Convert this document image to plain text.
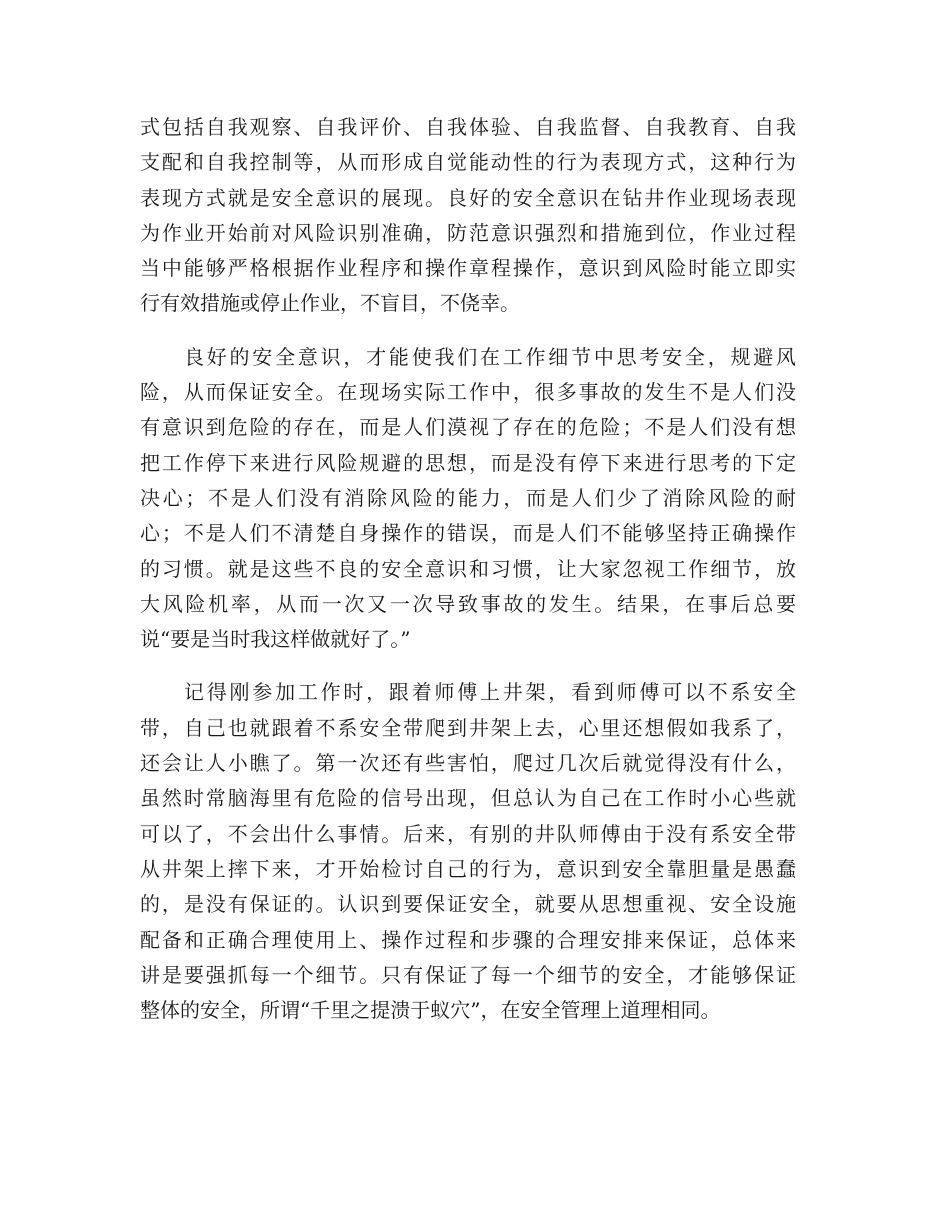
式包括自我观察、自我评价、自我体验、自我监督、自我教育、自我
支配和自我控制等，从而形成自觉能动性的行为表现方式，这种行为
表现方式就是安全意识的展现。良好的安全意识在钻井作业现场表现
为作业开始前对风险识别准确，防范意识强烈和措施到位，作业过程
当中能够严格根据作业程序和操作章程操作，意识到风险时能立即实
行有效措施或停止作业，不盲目，不侥幸。
良好的安全意识，才能使我们在工作细节中思考安全，规避风
险，从而保证安全。在现场实际工作中，很多事故的发生不是人们没
有意识到危险的存在，而是人们漠视了存在的危险；不是人们没有想
把工作停下来进行风险规避的思想，而是没有停下来进行思考的下定
决心；不是人们没有消除风险的能力，而是人们少了消除风险的耐
心；不是人们不清楚自身操作的错误，而是人们不能够坚持正确操作
的习惯。就是这些不良的安全意识和习惯，让大家忽视工作细节，放
大风险机率，从而一次又一次导致事故的发生。结果，在事后总要
说“要是当时我这样做就好了。”
记得刚参加工作时，跟着师傅上井架，看到师傅可以不系安全
带，自己也就跟着不系安全带爬到井架上去，心里还想假如我系了，
还会让人小瞧了。第一次还有些害怕，爬过几次后就觉得没有什么，
虽然时常脑海里有危险的信号出现，但总认为自己在工作时小心些就
可以了，不会出什么事情。后来，有别的井队师傅由于没有系安全带
从井架上摔下来，才开始检讨自己的行为，意识到安全靠胆量是愚蠢
的，是没有保证的。认识到要保证安全，就要从思想重视、安全设施
配备和正确合理使用上、操作过程和步骤的合理安排来保证，总体来
讲是要强抓每一个细节。只有保证了每一个细节的安全，才能够保证
整体的安全，所谓“千里之提溃于蚁穴”，在安全管理上道理相同。
